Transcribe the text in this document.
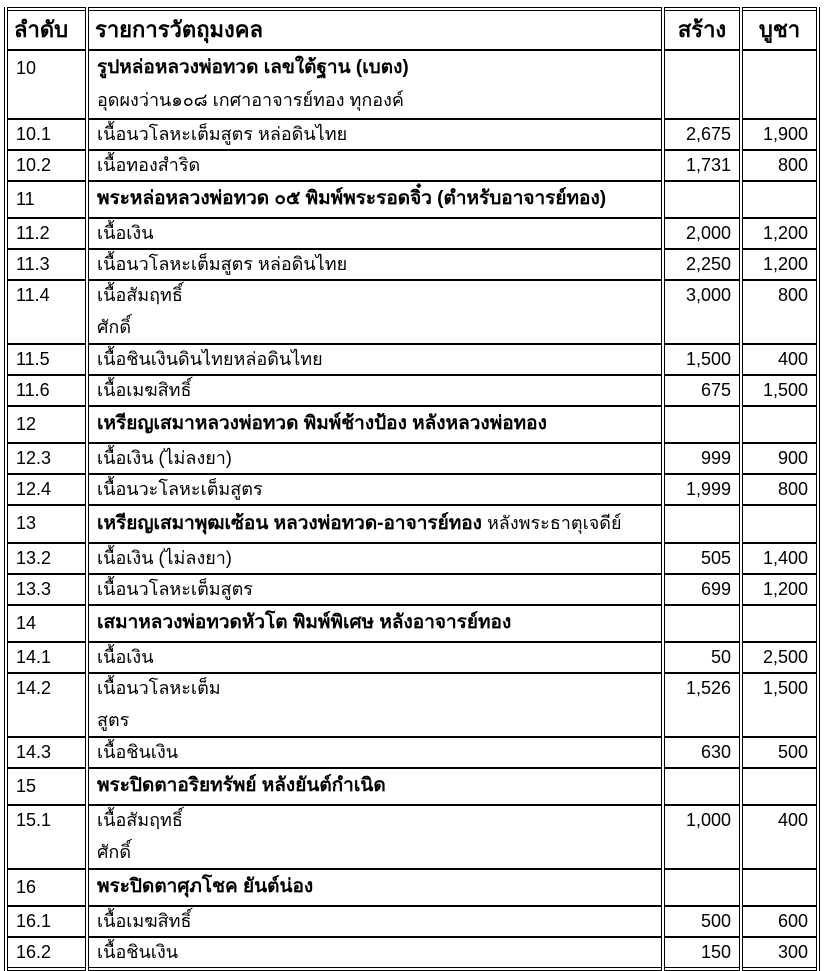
ลำดับ	รายการวัตถุมงคล	สร้าง	บูชา
10	รูปหล่อหลวงพ่อทวด เลขใต้ฐาน (เบตง)
อุดผงว่าน๑๐๘ เกศาอาจารย์ทอง ทุกองค์		

10.1	เนื้อนวโลหะเต็มสูตร หล่อดินไทย	2,675	1,900
10.2	เนื้อทองสำริด	1,731	800
11	พระหล่อหลวงพ่อทวด ๐๕ พิมพ์พระรอดจิ๋ว (ตำหรับอาจารย์ทอง)		

11.2	เนื้อเงิน	2,000	1,200
11.3	เนื้อนวโลหะเต็มสูตร หล่อดินไทย	2,250	1,200
11.4	เนื้อสัมฤทธิ์
ศักดิ์	3,000	800
11.5	เนื้อชินเงินดินไทยหล่อดินไทย	1,500	400
11.6	เนื้อเมฆสิทธิ์	675	1,500
12	เหรียญเสมาหลวงพ่อทวด พิมพ์ช้างป้อง หลังหลวงพ่อทอง		

12.3	เนื้อเงิน (ไม่ลงยา)	999	900
12.4	เนื้อนวะโลหะเต็มสูตร	1,999	800
13	เหรียญเสมาพุฒเซ้อน หลวงพ่อทวด-อาจารย์ทอง หลังพระธาตุเจดีย์		

13.2	เนื้อเงิน (ไม่ลงยา)	505	1,400
13.3	เนื้อนวโลหะเต็มสูตร	699	1,200
14	เสมาหลวงพ่อทวดหัวโต พิมพ์พิเศษ หลังอาจารย์ทอง		

14.1	เนื้อเงิน	50	2,500
14.2	เนื้อนวโลหะเต็ม
สูตร	1,526	1,500
14.3	เนื้อชินเงิน	630	500
15	พระปิดตาอริยทรัพย์ หลังยันต์กำเนิด		

15.1	เนื้อสัมฤทธิ์
ศักดิ์	1,000	400
16	พระปิดตาศุภโชค ยันต์น่อง		

16.1	เนื้อเมฆสิทธิ์	500	600
16.2	เนื้อชินเงิน	150	300
